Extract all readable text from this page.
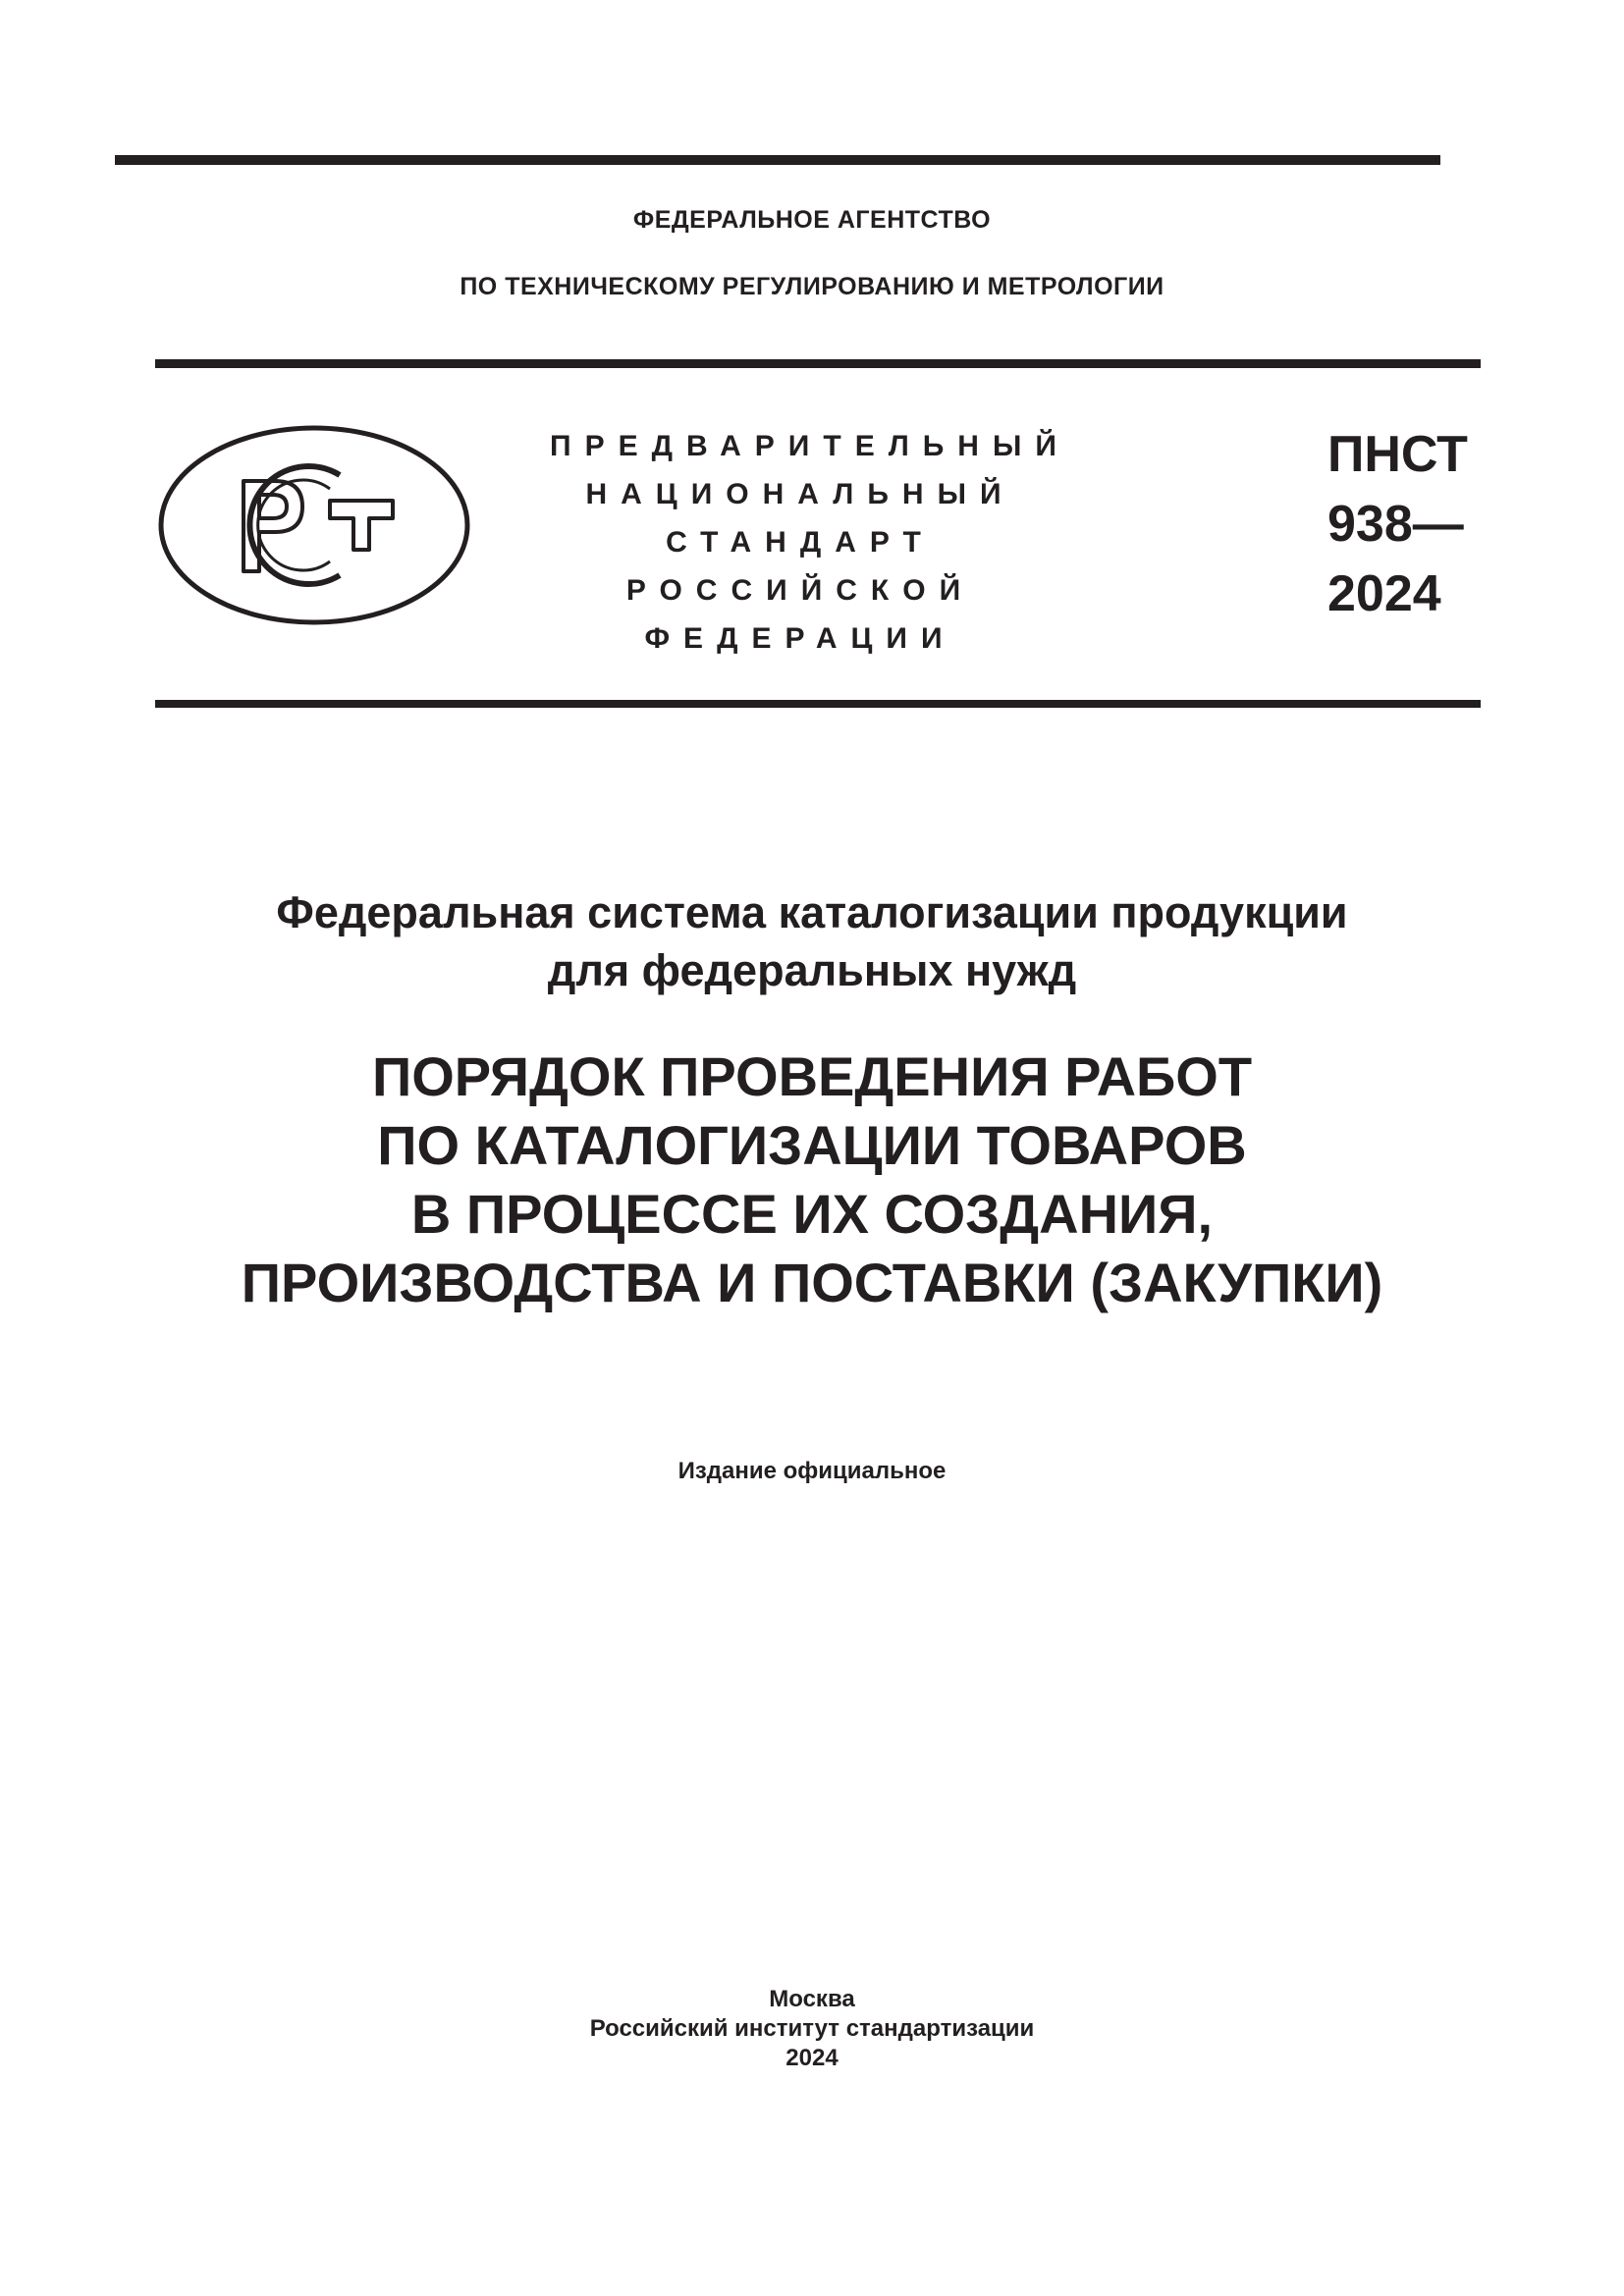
ФЕДЕРАЛЬНОЕ АГЕНТСТВО
ПО ТЕХНИЧЕСКОМУ РЕГУЛИРОВАНИЮ И МЕТРОЛОГИИ
ПРЕДВАРИТЕЛЬНЫЙ
НАЦИОНАЛЬНЫЙ
СТАНДАРТ
РОССИЙСКОЙ
ФЕДЕРАЦИИ
ПНСТ
938—
2024
Федеральная система каталогизации продукции
для федеральных нужд
ПОРЯДОК ПРОВЕДЕНИЯ РАБОТ
ПО КАТАЛОГИЗАЦИИ ТОВАРОВ
В ПРОЦЕССЕ ИХ СОЗДАНИЯ,
ПРОИЗВОДСТВА И ПОСТАВКИ (ЗАКУПКИ)
Издание официальное
Москва
Российский институт стандартизации
2024
